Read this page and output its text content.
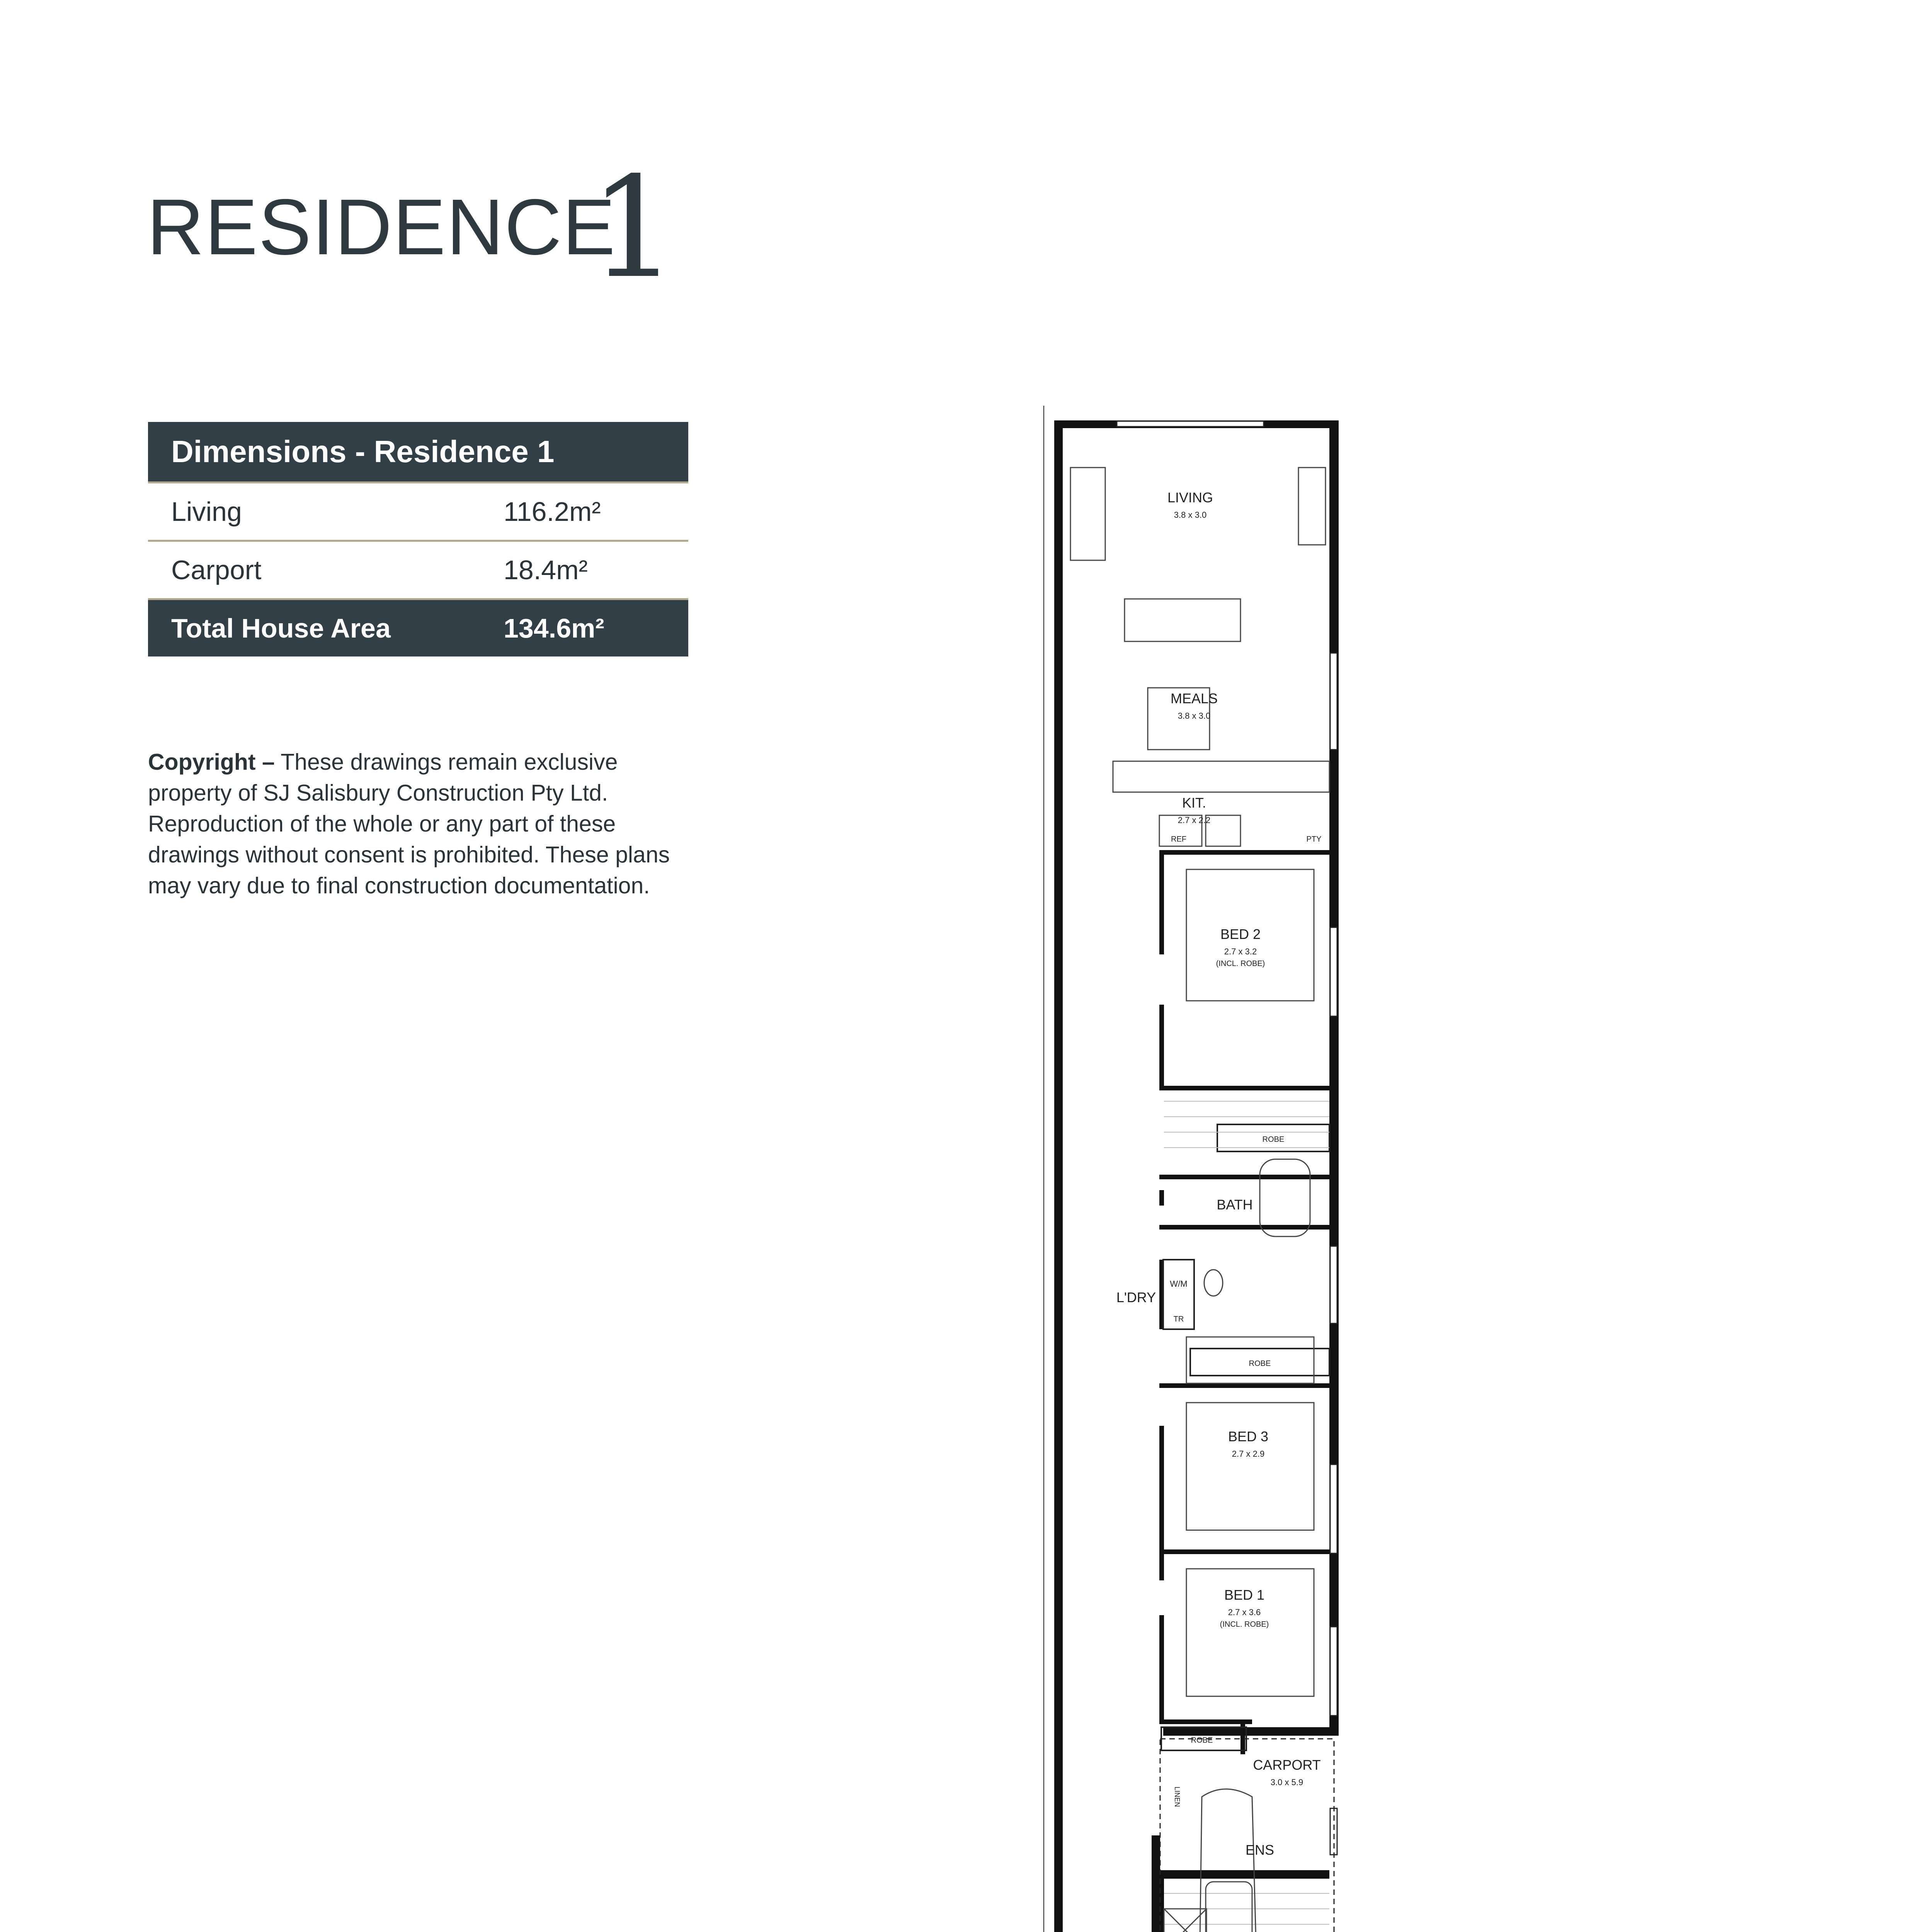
RESIDENCE
1
Dimensions - Residence 1	
Living	116.2m²
Carport	18.4m²
Total House Area	134.6m²
Copyright – These drawings remain exclusive property of SJ Salisbury Construction Pty Ltd. Reproduction of the whole or any part of these drawings without consent is prohibited. These plans may vary due to final construction documentation.
LIVING
3.8 x 3.0
MEALS
3.8 x 3.0
KIT.
2.7 x 2.2
REF	PTY
BED 2
2.7 x 3.2
(INCL. ROBE)
ROBE
BATH
W/M
TR
L'DRY
ROBE
BED 3
2.7 x 2.9
BED 1
2.7 x 3.6
(INCL. ROBE)
ROBE
ENS
CARPORT
3.0 x 5.9
LINEN
